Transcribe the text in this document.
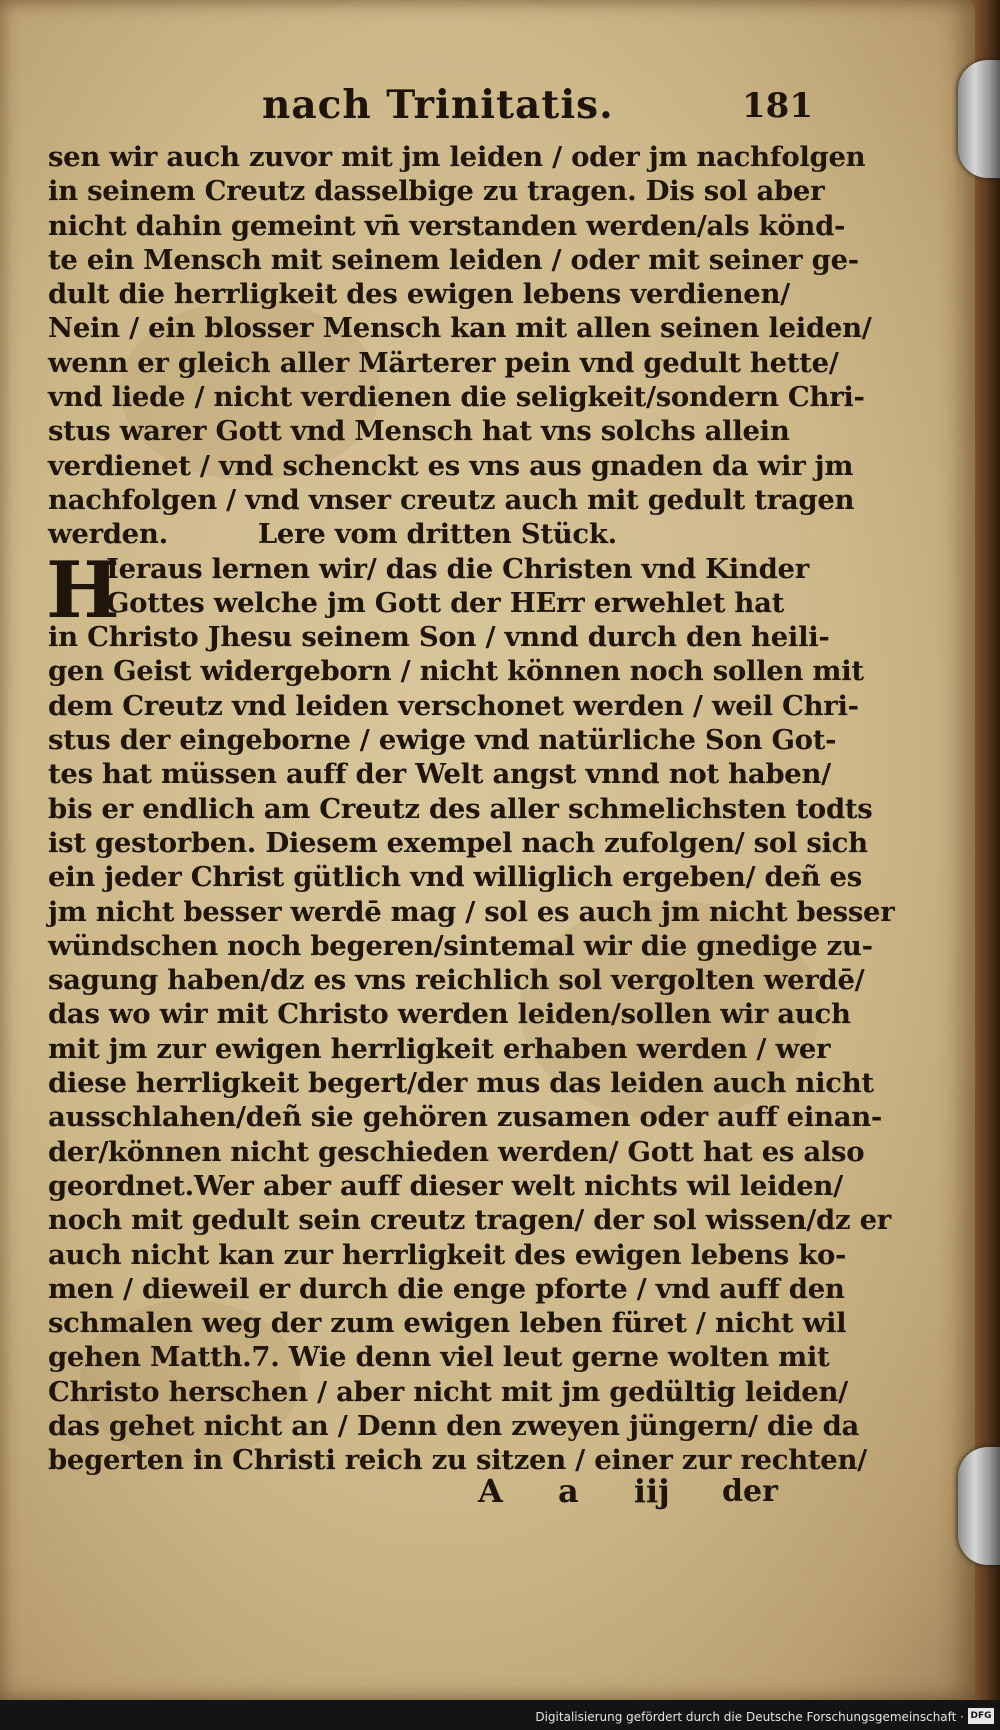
nach Trinitatis.	181
sen wir auch zuvor mit jm leiden / oder jm nachfolgen
in seinem Creutz dasselbige zu tragen. Dis sol aber
nicht dahin gemeint vn̄ verstanden werden/als könd-
te ein Mensch mit seinem leiden / oder mit seiner ge-
dult die herrligkeit des ewigen lebens verdienen/
Nein / ein blosser Mensch kan mit allen seinen leiden/
wenn er gleich aller Märterer pein vnd gedult hette/
vnd liede / nicht verdienen die seligkeit/sondern Chri-
stus warer Gott vnd Mensch hat vns solchs allein
verdienet / vnd schenckt es vns aus gnaden da wir jm
nachfolgen / vnd vnser creutz auch mit gedult tragen
werden.	Lere vom dritten Stück.
Ieraus lernen wir/ das die Christen vnd Kinder
Gottes welche jm Gott der HErr erwehlet hat
in Christo Jhesu seinem Son / vnnd durch den heili-
gen Geist widergeborn / nicht können noch sollen mit
dem Creutz vnd leiden verschonet werden / weil Chri-
stus der eingeborne / ewige vnd natürliche Son Got-
tes hat müssen auff der Welt angst vnnd not haben/
bis er endlich am Creutz des aller schmelichsten todts
ist gestorben. Diesem exempel nach zufolgen/ sol sich
ein jeder Christ gütlich vnd williglich ergeben/ deñ es
jm nicht besser werdē mag / sol es auch jm nicht besser
wündschen noch begeren/sintemal wir die gnedige zu-
sagung haben/dz es vns reichlich sol vergolten werdē/
das wo wir mit Christo werden leiden/sollen wir auch
mit jm zur ewigen herrligkeit erhaben werden / wer
diese herrligkeit begert/der mus das leiden auch nicht
ausschlahen/deñ sie gehören zusamen oder auff einan-
der/können nicht geschieden werden/ Gott hat es also
geordnet.Wer aber auff dieser welt nichts wil leiden/
noch mit gedult sein creutz tragen/ der sol wissen/dz er
auch nicht kan zur herrligkeit des ewigen lebens ko-
men / dieweil er durch die enge pforte / vnd auff den
schmalen weg der zum ewigen leben füret / nicht wil
gehen Matth.7. Wie denn viel leut gerne wolten mit
Christo herschen / aber nicht mit jm gedültig leiden/
das gehet nicht an / Denn den zweyen jüngern/ die da
begerten in Christi reich zu sitzen / einer zur rechten/
H
A a iij der
Digitalisierung gefördert durch die Deutsche Forschungsgemeinschaft · DFG
